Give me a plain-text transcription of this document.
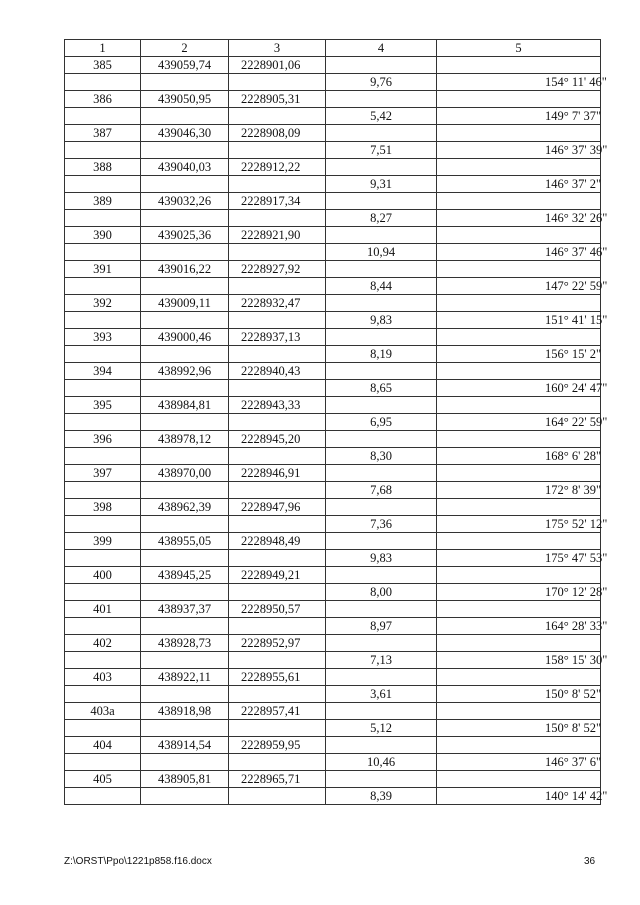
1	2	3	4	5
385	439059,74	2228901,06		
			9,76	154° 11' 46"
386	439050,95	2228905,31		
			5,42	149° 7' 37"
387	439046,30	2228908,09		
			7,51	146° 37' 39"
388	439040,03	2228912,22		
			9,31	146° 37' 2"
389	439032,26	2228917,34		
			8,27	146° 32' 26"
390	439025,36	2228921,90		
			10,94	146° 37' 46"
391	439016,22	2228927,92		
			8,44	147° 22' 59"
392	439009,11	2228932,47		
			9,83	151° 41' 15"
393	439000,46	2228937,13		
			8,19	156° 15' 2"
394	438992,96	2228940,43		
			8,65	160° 24' 47"
395	438984,81	2228943,33		
			6,95	164° 22' 59"
396	438978,12	2228945,20		
			8,30	168° 6' 28"
397	438970,00	2228946,91		
			7,68	172° 8' 39"
398	438962,39	2228947,96		
			7,36	175° 52' 12"
399	438955,05	2228948,49		
			9,83	175° 47' 53"
400	438945,25	2228949,21		
			8,00	170° 12' 28"
401	438937,37	2228950,57		
			8,97	164° 28' 33"
402	438928,73	2228952,97		
			7,13	158° 15' 30"
403	438922,11	2228955,61		
			3,61	150° 8' 52"
403a	438918,98	2228957,41		
			5,12	150° 8' 52"
404	438914,54	2228959,95		
			10,46	146° 37' 6"
405	438905,81	2228965,71		
			8,39	140° 14' 42"
Z:\ORST\Ppo\1221p858.f16.docx	36
